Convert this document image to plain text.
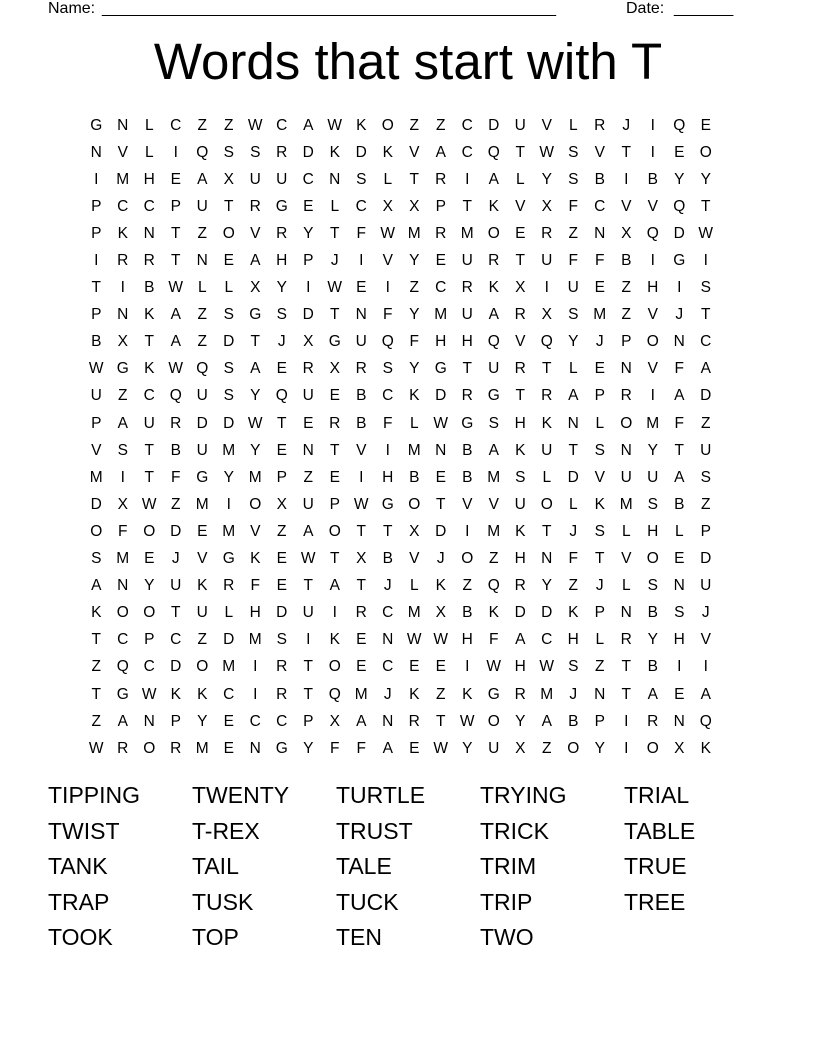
Name: ______________________________________________________	Date: _______
Words that start with T
G N	L	C	Z	Z W C	A W K O	Z	Z	C D U	V	L	R	J	I	Q E
N	V	L	I	Q S	S	R D	K	D	K	V	A	C Q	T W S	V	T	I	E O
I	M H	E	A	X	U U C N	S	L	T	R	I	A	L	Y	S	B	I	B	Y	Y
P	C C	P	U	T	R G E	L	C	X	X	P	T	K	V	X	F	C	V	V Q	T
P	K	N	T	Z	O V	R	Y	T	F W M R M O E	R	Z	N	X Q D W
I	R R	T	N	E	A	H	P	J	I	V	Y	E	U R	T	U	F	F	B	I	G	I
T	I	B W L	L	X	Y	I	W E	I	Z	C R	K	X	I	U	E	Z	H	I	S
P	N	K	A	Z	S G S	D	T	N	F	Y M U	A	R	X	S M Z	V	J	T
B	X	T	A	Z	D	T	J	X G U Q	F	H H Q V Q Y	J	P O N C
W G K W Q S	A	E	R	X	R	S	Y G	T	U R	T	L	E	N	V	F	A
U	Z	C Q U	S	Y Q U	E	B	C	K	D R G	T	R	A	P	R	I	A	D
P	A	U R D D W T	E	R	B	F	L W G S	H	K	N	L	O M F	Z
V	S	T	B	U M Y	E	N	T	V	I	M N	B	A	K	U	T	S	N	Y	T	U
M	I	T	F	G Y M P	Z	E	I	H	B	E	B M S	L	D	V	U U	A	S
D	X W Z M	I	O X	U	P W G O	T	V	V	U O	L	K M S	B	Z
O	F	O D	E M V	Z	A O	T	T	X	D	I	M K	T	J	S	L	H	L	P
S M E	J	V G K	E W T	X	B	V	J	O	Z	H N	F	T	V O E	D
A	N	Y	U	K	R	F	E	T	A	T	J	L	K	Z	Q R	Y	Z	J	L	S	N U
K O O	T	U	L	H D U	I	R C M X	B	K	D D	K	P	N	B	S	J
T	C	P	C	Z	D M S	I	K	E	N W W H	F	A	C H	L	R	Y	H	V
Z	Q C D O M	I	R	T	O E	C	E	E	I	W H W S	Z	T	B	I	I
T	G W K	K	C	I	R	T	Q M	J	K	Z	K G R M	J	N	T	A	E	A
Z	A	N	P	Y	E	C C	P	X	A	N R	T W O Y	A	B	P	I	R N Q
W R O R M E	N G Y	F	F	A	E W Y	U	X	Z	O Y	I	O X	K
TIPPING	TWENTY	TURTLE	TRYING	TRIAL
TWIST	T-REX	TRUST	TRICK	TABLE
TANK	TAIL	TALE	TRIM	TRUE
TRAP	TUSK	TUCK	TRIP	TREE
TOOK	TOP	TEN	TWO
